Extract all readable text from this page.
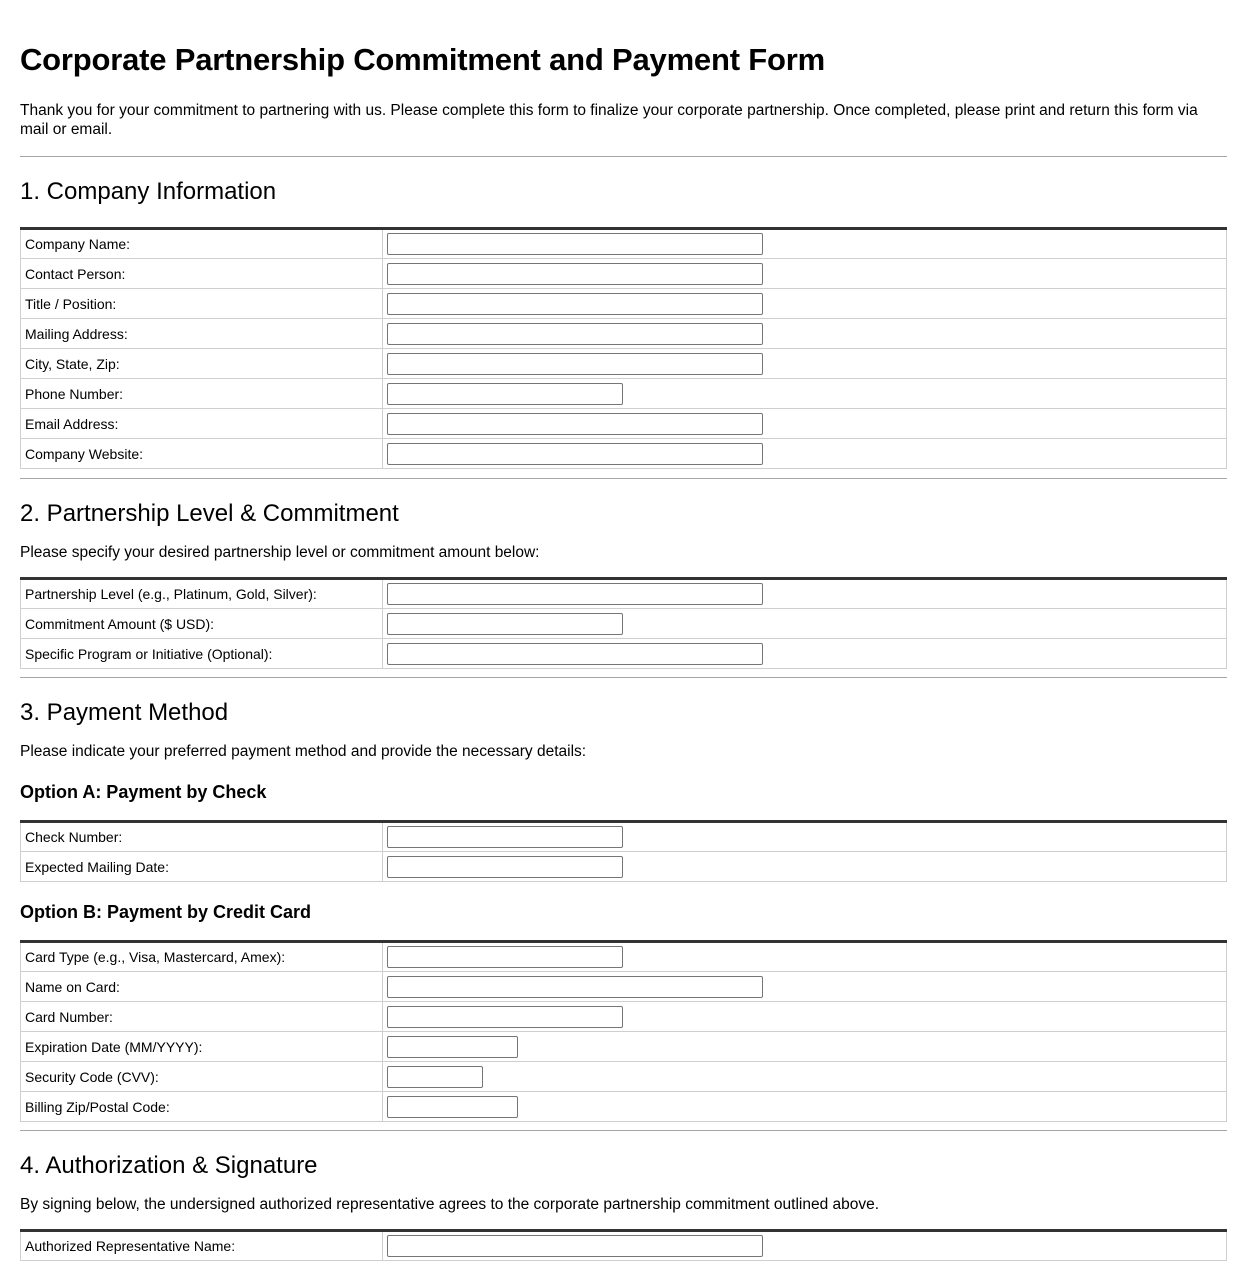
Corporate Partnership Commitment and Payment Form

Thank you for your commitment to partnering with us. Please complete this form to finalize your corporate partnership. Once completed, please print and return this form via mail or email.

1. Company Information
Company Name:	

Contact Person:	

Title / Position:	

Mailing Address:	

City, State, Zip:	

Phone Number:	

Email Address:	

Company Website:	
2. Partnership Level & Commitment

Please specify your desired partnership level or commitment amount below:

Partnership Level (e.g., Platinum, Gold, Silver):	

Commitment Amount ($ USD):	

Specific Program or Initiative (Optional):	
3. Payment Method

Please indicate your preferred payment method and provide the necessary details:

Option A: Payment by Check
Check Number:	

Expected Mailing Date:	
Option B: Payment by Credit Card
Card Type (e.g., Visa, Mastercard, Amex):	

Name on Card:	

Card Number:	

Expiration Date (MM/YYYY):	

Security Code (CVV):	

Billing Zip/Postal Code:	
4. Authorization & Signature

By signing below, the undersigned authorized representative agrees to the corporate partnership commitment outlined above.

Authorized Representative Name:	
